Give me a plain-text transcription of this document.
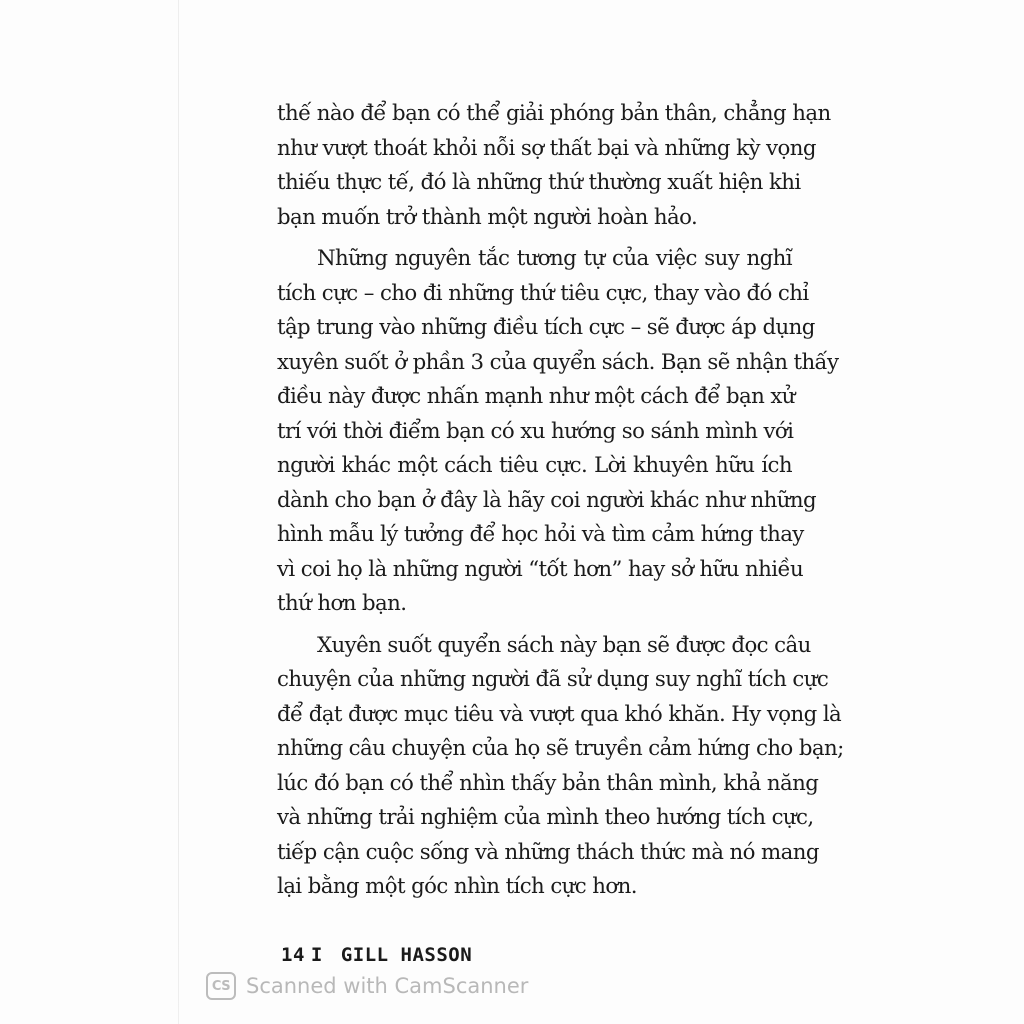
thế nào để bạn có thể giải phóng bản thân, chẳng hạn
như vượt thoát khỏi nỗi sợ thất bại và những kỳ vọng
thiếu thực tế, đó là những thứ thường xuất hiện khi
bạn muốn trở thành một người hoàn hảo.
Những nguyên tắc tương tự của việc suy nghĩ
tích cực – cho đi những thứ tiêu cực, thay vào đó chỉ
tập trung vào những điều tích cực – sẽ được áp dụng
xuyên suốt ở phần 3 của quyển sách. Bạn sẽ nhận thấy
điều này được nhấn mạnh như một cách để bạn xử
trí với thời điểm bạn có xu hướng so sánh mình với
người khác một cách tiêu cực. Lời khuyên hữu ích
dành cho bạn ở đây là hãy coi người khác như những
hình mẫu lý tưởng để học hỏi và tìm cảm hứng thay
vì coi họ là những người “tốt hơn” hay sở hữu nhiều
thứ hơn bạn.
Xuyên suốt quyển sách này bạn sẽ được đọc câu
chuyện của những người đã sử dụng suy nghĩ tích cực
để đạt được mục tiêu và vượt qua khó khăn. Hy vọng là
những câu chuyện của họ sẽ truyền cảm hứng cho bạn;
lúc đó bạn có thể nhìn thấy bản thân mình, khả năng
và những trải nghiệm của mình theo hướng tích cực,
tiếp cận cuộc sống và những thách thức mà nó mang
lại bằng một góc nhìn tích cực hơn.
14 I GILL HASSON
CS Scanned with CamScanner
